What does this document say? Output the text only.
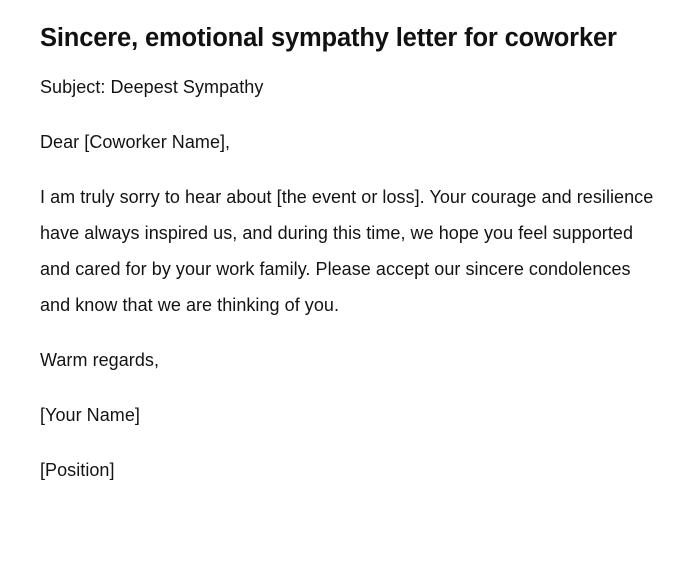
Sincere, emotional sympathy letter for coworker

Subject: Deepest Sympathy

Dear [Coworker Name],

I am truly sorry to hear about [the event or loss]. Your courage and resilience have always inspired us, and during this time, we hope you feel supported and cared for by your work family. Please accept our sincere condolences and know that we are thinking of you.

Warm regards,

[Your Name]

[Position]
